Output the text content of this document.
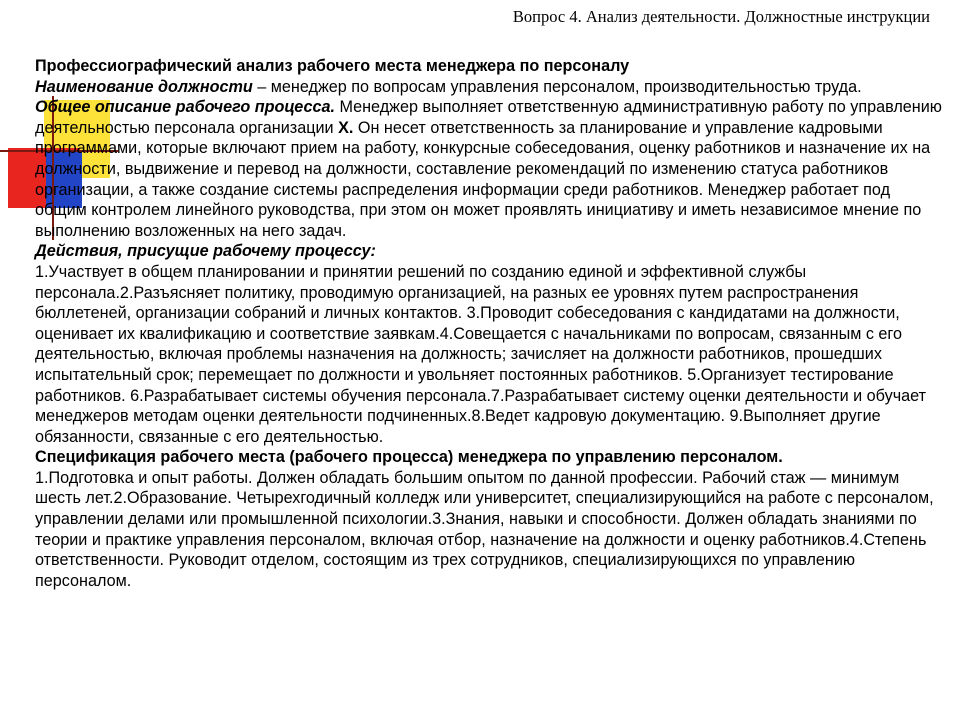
Вопрос 4. Анализ деятельности. Должностные инструкции

Профессиографический анализ рабочего места менеджера по персоналу

Наименование должности – менеджер по вопросам управления персоналом, производительностью труда.

Общее описание рабочего процесса. Менеджер выполняет ответственную административную работу по управлению деятельностью персонала организации X. Он несет ответственность за планирование и управление кадровыми программами, которые включают прием на работу, конкурсные собеседования, оценку работников и назначение их на должности, выдвижение и перевод на должности, составление рекомендаций по изменению статуса работников организации, а также создание системы распределения информации среди работников. Менеджер работает под общим контролем линейного руководства, при этом он может проявлять инициативу и иметь независимое мнение по выполнению возложенных на него задач.

Действия, присущие рабочему процессу:

1.Участвует в общем планировании и принятии решений по созданию единой и эффективной службы персонала.2.Разъясняет политику, проводимую организацией, на разных ее уровнях путем распространения бюллетеней, организации собраний и личных контактов. 3.Проводит собеседования с кандидатами на должности, оценивает их квалификацию и соответствие заявкам.4.Совещается с начальниками по вопросам, связанным с его деятельностью, включая проблемы назначения на должность; зачисляет на должности работников, прошедших испытательный срок; перемещает по должности и увольняет постоянных работников. 5.Организует тестирование работников. 6.Разрабатывает системы обучения персонала.7.Разрабатывает систему оценки деятельности и обучает менеджеров методам оценки деятельности подчиненных.8.Ведет кадровую документацию. 9.Выполняет другие обязанности, связанные с его деятельностью.

Спецификация рабочего места (рабочего процесса) менеджера по управлению персоналом.

1.Подготовка и опыт работы. Должен обладать большим опытом по данной профессии. Рабочий стаж — минимум шесть лет.2.Образование. Четырехгодичный колледж или университет, специализирующийся на работе с персоналом, управлении делами или промышленной психологии.3.Знания, навыки и способности. Должен обладать знаниями по теории и практике управления персоналом, включая отбор, назначение на должности и оценку работников.4.Степень ответственности. Руководит отделом, состоящим из трех сотрудников, специализирующихся по управлению персоналом.
